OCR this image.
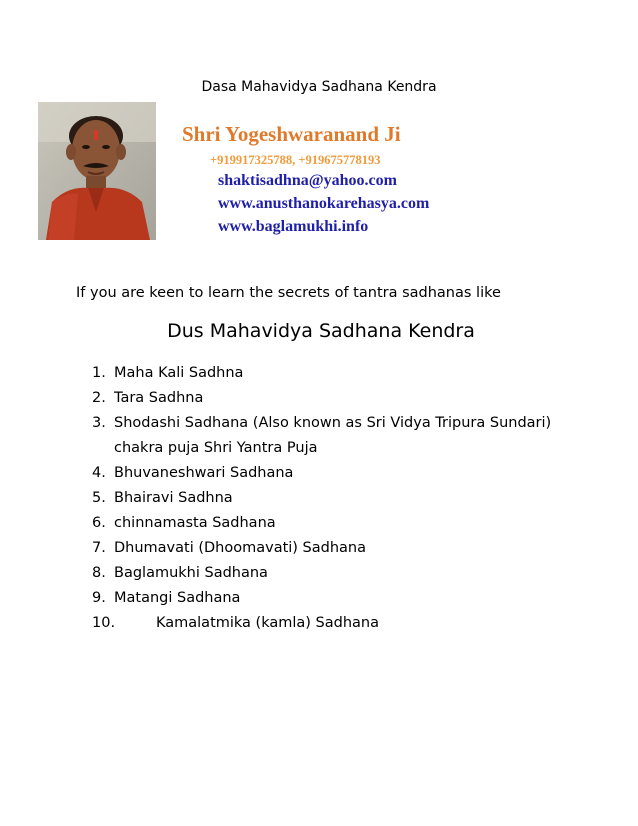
Dasa Mahavidya Sadhana Kendra
Shri Yogeshwaranand Ji
+919917325788, +919675778193
shaktisadhna@yahoo.com
www.anusthanokarehasya.com
www.baglamukhi.info
If you are keen to learn the secrets of tantra sadhanas like
Dus Mahavidya Sadhana Kendra
1. Maha Kali Sadhna
2. Tara Sadhna
3. Shodashi Sadhana (Also known as Sri Vidya Tripura Sundari)
chakra puja Shri Yantra Puja
4. Bhuvaneshwari Sadhana
5. Bhairavi Sadhna
6. chinnamasta Sadhana
7. Dhumavati (Dhoomavati) Sadhana
8. Baglamukhi Sadhana
9. Matangi Sadhana
10.	Kamalatmika (kamla) Sadhana
